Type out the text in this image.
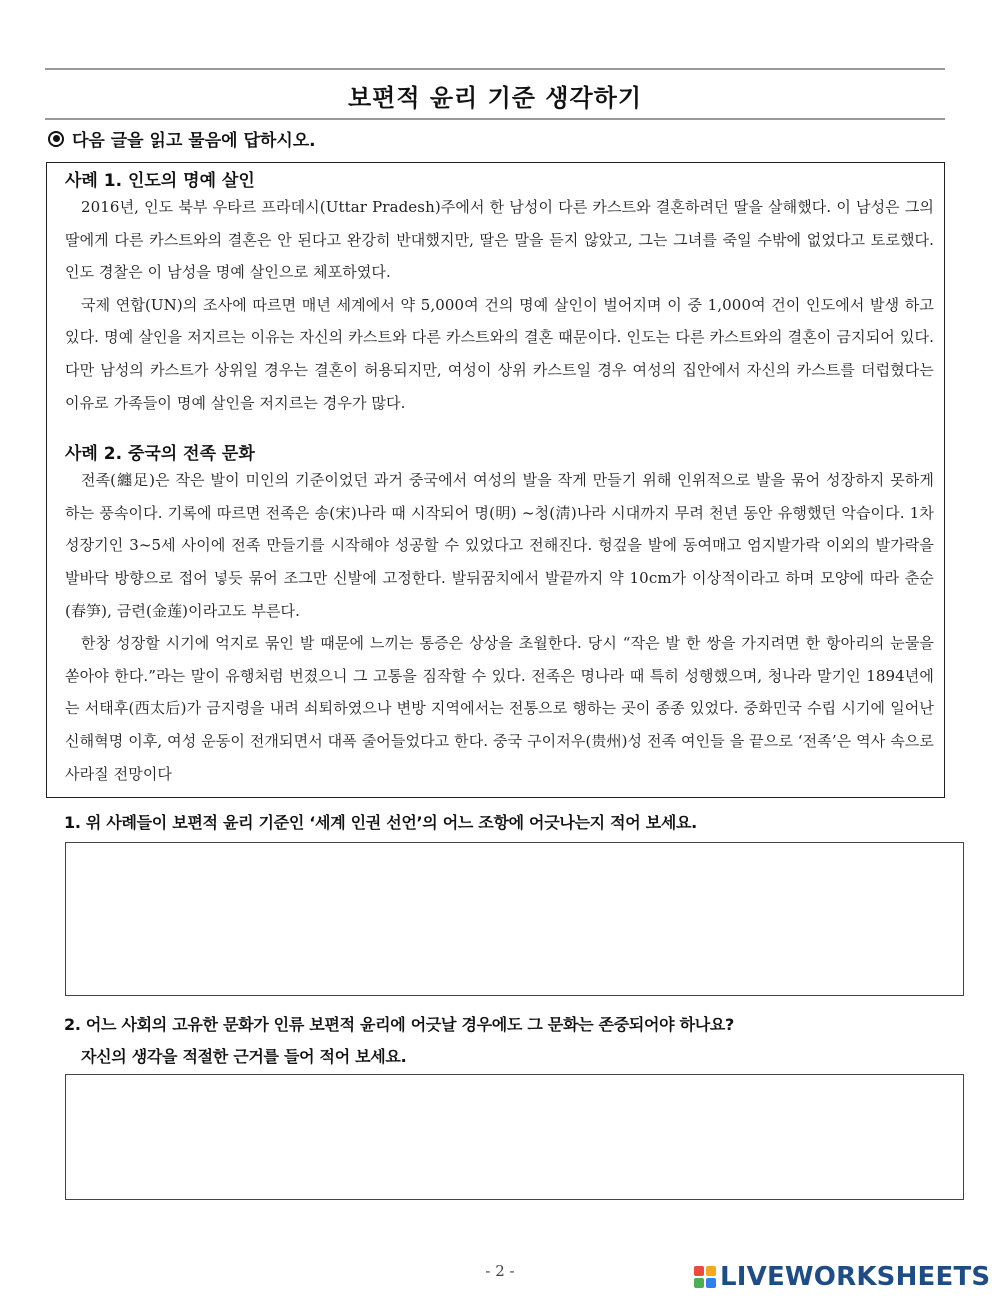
보편적 윤리 기준 생각하기
다음 글을 읽고 물음에 답하시오.
사례 1. 인도의 명예 살인

2016년, 인도 북부 우타르 프라데시(Uttar Pradesh)주에서 한 남성이 다른 카스트와 결혼하려던 딸을 살해했다. 이 남성은 그의 딸에게 다른 카스트와의 결혼은 안 된다고 완강히 반대했지만, 딸은 말을 듣지 않았고, 그는 그녀를 죽일 수밖에 없었다고 토로했다. 인도 경찰은 이 남성을 명예 살인으로 체포하였다.

국제 연합(UN)의 조사에 따르면 매년 세계에서 약 5,000여 건의 명예 살인이 벌어지며 이 중 1,000여 건이 인도에서 발생 하고 있다. 명예 살인을 저지르는 이유는 자신의 카스트와 다른 카스트와의 결혼 때문이다. 인도는 다른 카스트와의 결혼이 금지되어 있다. 다만 남성의 카스트가 상위일 경우는 결혼이 허용되지만, 여성이 상위 카스트일 경우 여성의 집안에서 자신의 카스트를 더럽혔다는 이유로 가족들이 명예 살인을 저지르는 경우가 많다.

사례 2. 중국의 전족 문화

전족(纏足)은 작은 발이 미인의 기준이었던 과거 중국에서 여성의 발을 작게 만들기 위해 인위적으로 발을 묶어 성장하지 못하게 하는 풍속이다. 기록에 따르면 전족은 송(宋)나라 때 시작되어 명(明) ~청(淸)나라 시대까지 무려 천년 동안 유행했던 악습이다. 1차 성장기인 3~5세 사이에 전족 만들기를 시작해야 성공할 수 있었다고 전해진다. 헝겊을 발에 동여매고 엄지발가락 이외의 발가락을 발바닥 방향으로 접어 넣듯 묶어 조그만 신발에 고정한다. 발뒤꿈치에서 발끝까지 약 10cm가 이상적이라고 하며 모양에 따라 춘순(春笋), 금련(金莲)이라고도 부른다.

한창 성장할 시기에 억지로 묶인 발 때문에 느끼는 통증은 상상을 초월한다. 당시 “작은 발 한 쌍을 가지려면 한 항아리의 눈물을 쏟아야 한다.”라는 말이 유행처럼 번졌으니 그 고통을 짐작할 수 있다. 전족은 명나라 때 특히 성행했으며, 청나라 말기인 1894년에는 서태후(西太后)가 금지령을 내려 쇠퇴하였으나 변방 지역에서는 전통으로 행하는 곳이 종종 있었다. 중화민국 수립 시기에 일어난 신해혁명 이후, 여성 운동이 전개되면서 대폭 줄어들었다고 한다. 중국 구이저우(贵州)성 전족 여인들 을 끝으로 ‘전족’은 역사 속으로 사라질 전망이다

1. 위 사례들이 보편적 윤리 기준인 ‘세계 인권 선언’의 어느 조항에 어긋나는지 적어 보세요.
2. 어느 사회의 고유한 문화가 인류 보편적 윤리에 어긋날 경우에도 그 문화는 존중되어야 하나요?
자신의 생각을 적절한 근거를 들어 적어 보세요.
- 2 -	LIVEWORKSHEETS
